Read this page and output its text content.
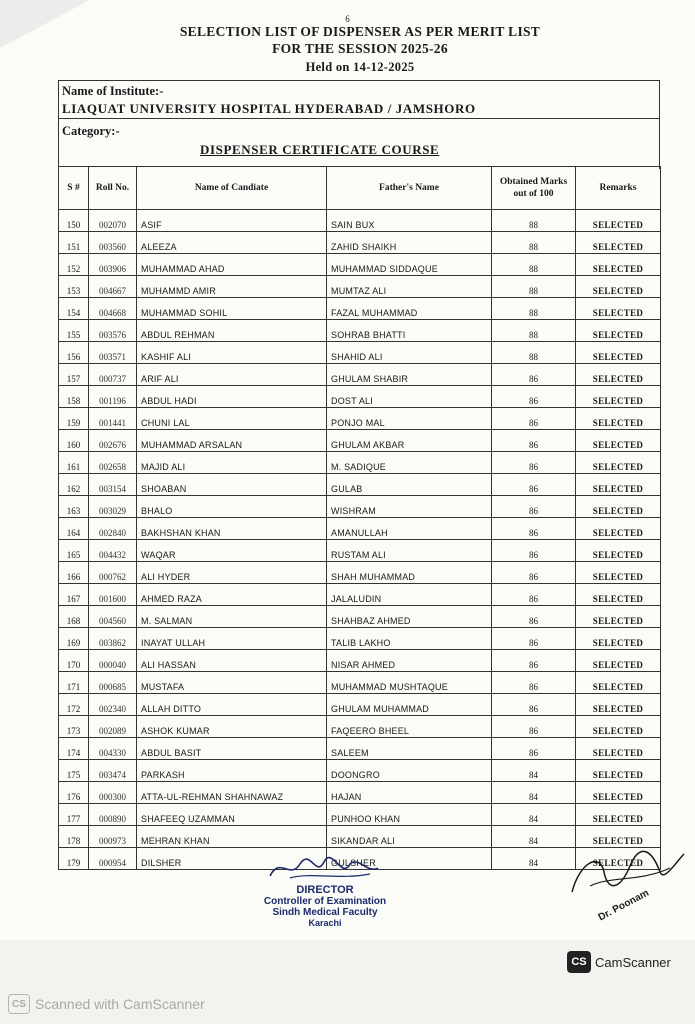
6
SELECTION LIST OF DISPENSER AS PER MERIT LIST
FOR THE SESSION 2025-26
Held on 14-12-2025
Name of Institute:-
LIAQUAT UNIVERSITY HOSPITAL HYDERABAD / JAMSHORO
Category:-
DISPENSER CERTIFICATE COURSE
S #	Roll No.	Name of Candiate	Father's Name	Obtained Marks
out of 100	Remarks
150	002070	ASIF	SAIN BUX	88	SELECTED
151	003560	ALEEZA	ZAHID SHAIKH	88	SELECTED
152	003906	MUHAMMAD AHAD	MUHAMMAD SIDDAQUE	88	SELECTED
153	004667	MUHAMMD AMIR	MUMTAZ ALI	88	SELECTED
154	004668	MUHAMMAD SOHIL	FAZAL MUHAMMAD	88	SELECTED
155	003576	ABDUL REHMAN	SOHRAB BHATTI	88	SELECTED
156	003571	KASHIF ALI	SHAHID ALI	88	SELECTED
157	000737	ARIF ALI	GHULAM SHABIR	86	SELECTED
158	001196	ABDUL HADI	DOST ALI	86	SELECTED
159	001441	CHUNI LAL	PONJO MAL	86	SELECTED
160	002676	MUHAMMAD ARSALAN	GHULAM AKBAR	86	SELECTED
161	002658	MAJID ALI	M. SADIQUE	86	SELECTED
162	003154	SHOABAN	GULAB	86	SELECTED
163	003029	BHALO	WISHRAM	86	SELECTED
164	002840	BAKHSHAN KHAN	AMANULLAH	86	SELECTED
165	004432	WAQAR	RUSTAM ALI	86	SELECTED
166	000762	ALI HYDER	SHAH MUHAMMAD	86	SELECTED
167	001600	AHMED RAZA	JALALUDIN	86	SELECTED
168	004560	M. SALMAN	SHAHBAZ AHMED	86	SELECTED
169	003862	INAYAT ULLAH	TALIB LAKHO	86	SELECTED
170	000040	ALI HASSAN	NISAR AHMED	86	SELECTED
171	000685	MUSTAFA	MUHAMMAD MUSHTAQUE	86	SELECTED
172	002340	ALLAH DITTO	GHULAM MUHAMMAD	86	SELECTED
173	002089	ASHOK KUMAR	FAQEERO BHEEL	86	SELECTED
174	004330	ABDUL BASIT	SALEEM	86	SELECTED
175	003474	PARKASH	DOONGRO	84	SELECTED
176	000300	ATTA-UL-REHMAN SHAHNAWAZ	HAJAN	84	SELECTED
177	000890	SHAFEEQ UZAMMAN	PUNHOO KHAN	84	SELECTED
178	000973	MEHRAN KHAN	SIKANDAR ALI	84	SELECTED
179	000954	DILSHER	GULSHER	84	SELECTED
DIRECTOR
Controller of Examination
Sindh Medical Faculty
Karachi	Dr. Poonam
CS CamScanner
CS Scanned with CamScanner
